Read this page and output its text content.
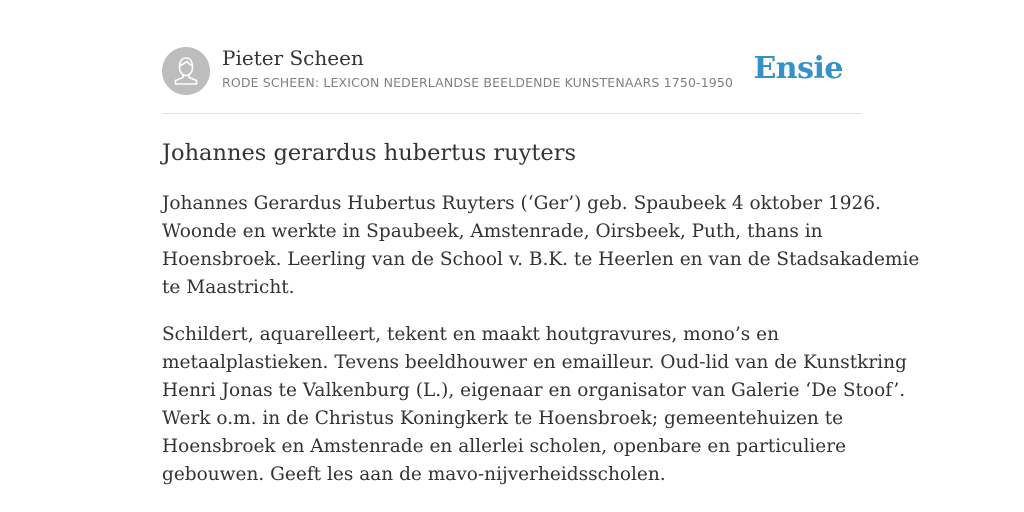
Pieter Scheen
RODE SCHEEN: LEXICON NEDERLANDSE BEELDENDE KUNSTENAARS 1750-1950 Ensie
Johannes gerardus hubertus ruyters

Johannes Gerardus Hubertus Ruyters (‘Ger’) geb. Spaubeek 4 oktober 1926.
Woonde en werkte in Spaubeek, Amstenrade, Oirsbeek, Puth, thans in
Hoensbroek. Leerling van de School v. B.K. te Heerlen en van de Stadsakademie
te Maastricht.

Schildert, aquarelleert, tekent en maakt houtgravures, mono’s en
metaalplastieken. Tevens beeldhouwer en emailleur. Oud-lid van de Kunstkring
Henri Jonas te Valkenburg (L.), eigenaar en organisator van Galerie ‘De Stoof’.
Werk o.m. in de Christus Koningkerk te Hoensbroek; gemeentehuizen te
Hoensbroek en Amstenrade en allerlei scholen, openbare en particuliere
gebouwen. Geeft les aan de mavo-nijverheidsscholen.
